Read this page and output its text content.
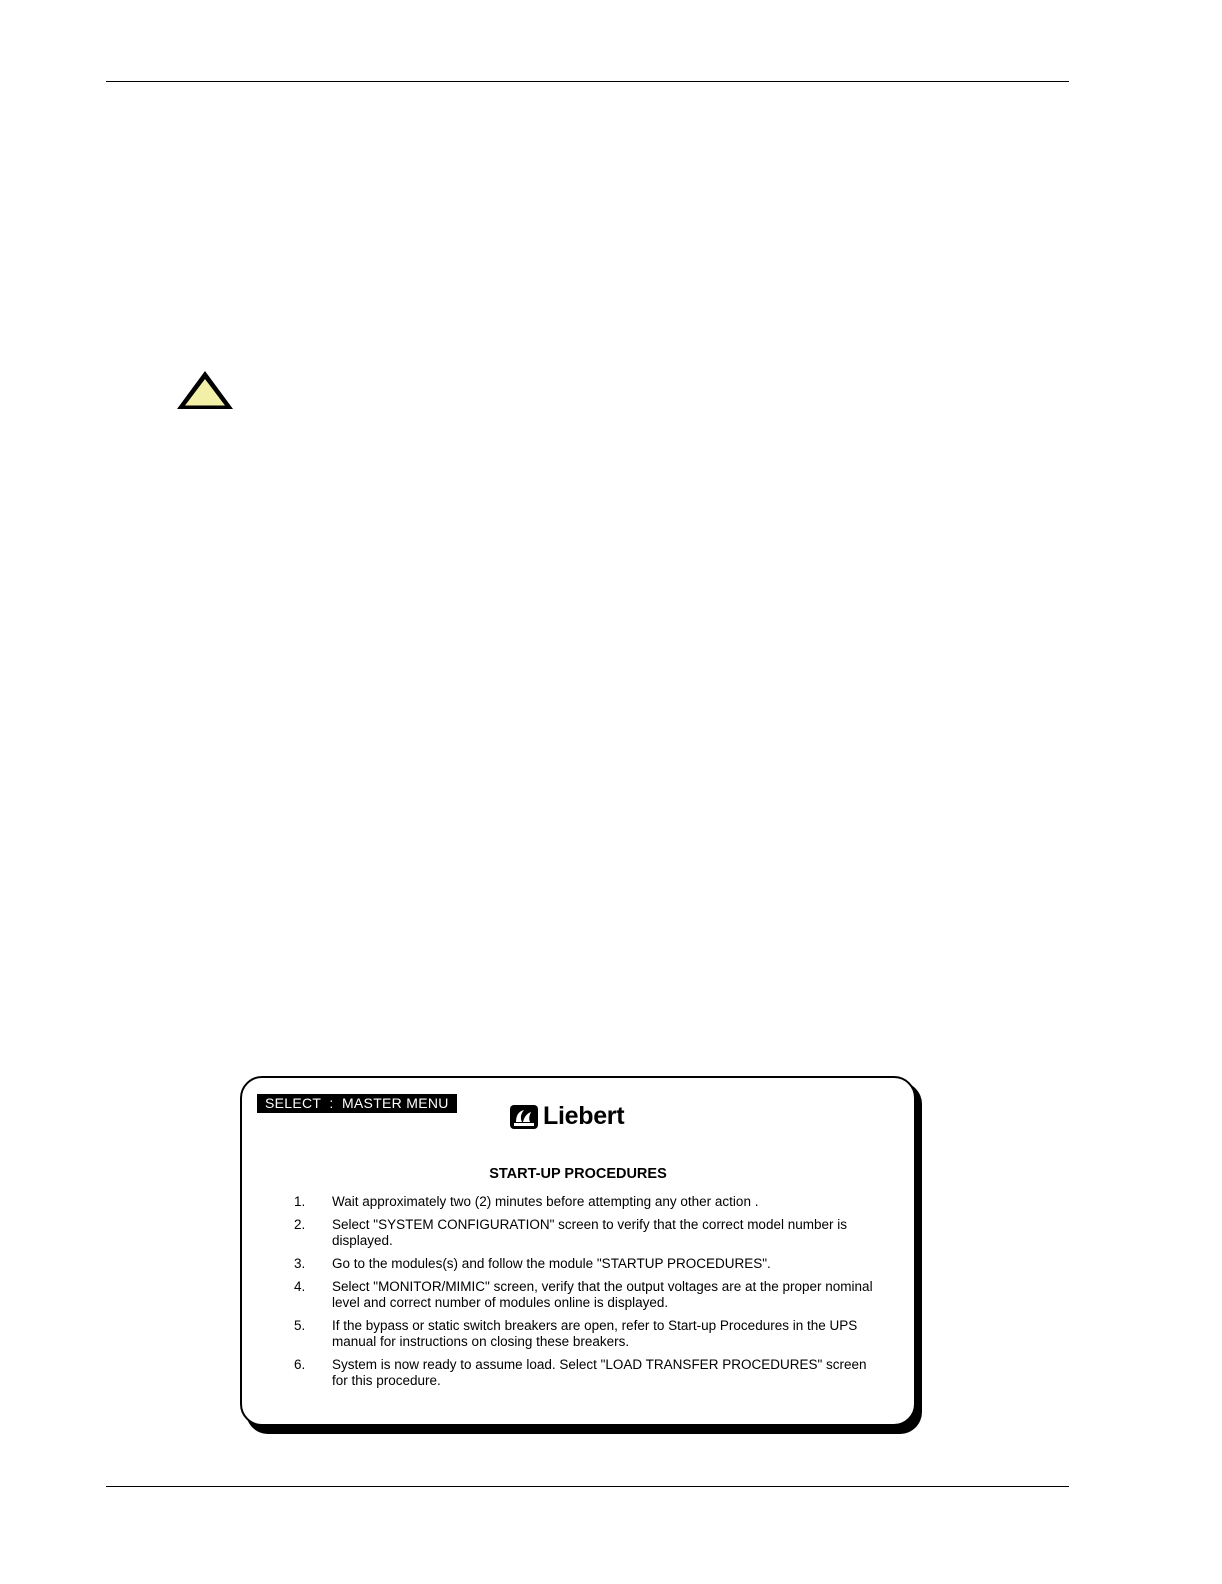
SELECT  :  MASTER MENU	Liebert
START-UP PROCEDURES
1.	Wait approximately two (2) minutes before attempting any other action .
2.	Select "SYSTEM CONFIGURATION" screen to verify that the correct model number is displayed.
3.	Go to the modules(s) and follow the module "STARTUP PROCEDURES".
4.	Select "MONITOR/MIMIC" screen, verify that the output voltages are at the proper nominal level and correct number of modules online is displayed.
5.	If the bypass or static switch breakers are open, refer to Start-up Procedures in the UPS manual for instructions on closing these breakers.
6.	System is now ready to assume load. Select "LOAD TRANSFER PROCEDURES" screen for this procedure.
